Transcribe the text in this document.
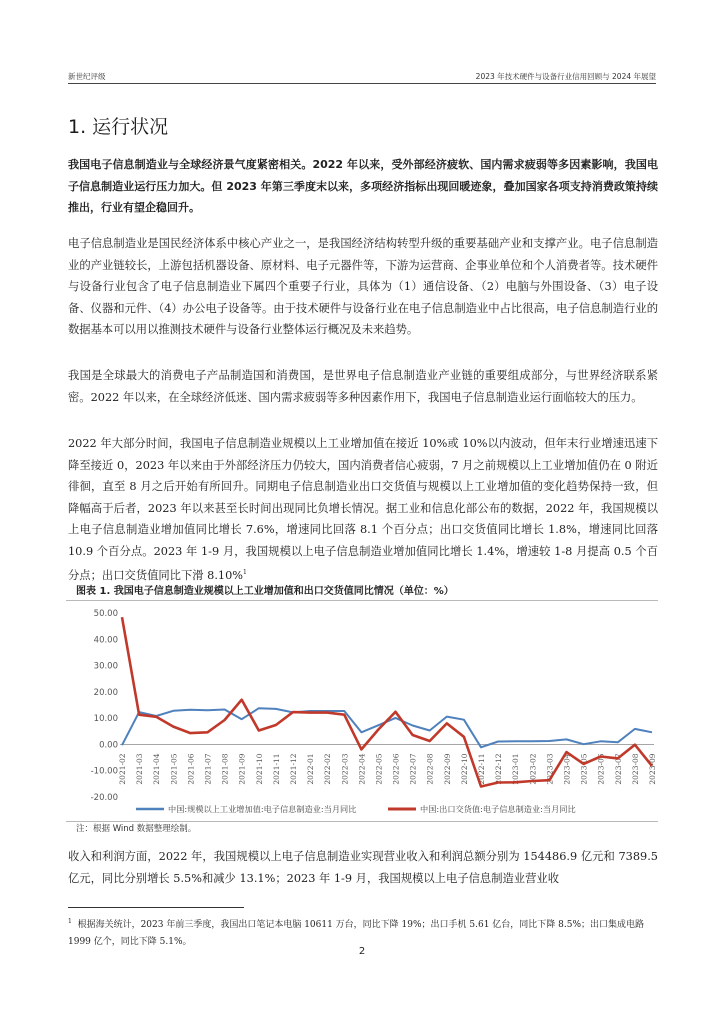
新世纪评级	2023 年技术硬件与设备行业信用回顾与 2024 年展望
1. 运行状况

我国电子信息制造业与全球经济景气度紧密相关。2022 年以来，受外部经济疲软、国内需求疲弱等多因素影响，我国电子信息制造业运行压力加大。但 2023 年第三季度末以来，多项经济指标出现回暖迹象，叠加国家各项支持消费政策持续推出，行业有望企稳回升。

电子信息制造业是国民经济体系中核心产业之一，是我国经济结构转型升级的重要基础产业和支撑产业。电子信息制造业的产业链较长，上游包括机器设备、原材料、电子元器件等，下游为运营商、企事业单位和个人消费者等。技术硬件与设备行业包含了电子信息制造业下属四个重要子行业，具体为（1）通信设备、（2）电脑与外围设备、（3）电子设备、仪器和元件、（4）办公电子设备等。由于技术硬件与设备行业在电子信息制造业中占比很高，电子信息制造行业的数据基本可以用以推测技术硬件与设备行业整体运行概况及未来趋势。

我国是全球最大的消费电子产品制造国和消费国，是世界电子信息制造业产业链的重要组成部分，与世界经济联系紧密。2022 年以来，在全球经济低迷、国内需求疲弱等多种因素作用下，我国电子信息制造业运行面临较大的压力。

2022 年大部分时间，我国电子信息制造业规模以上工业增加值在接近 10%或 10%以内波动，但年末行业增速迅速下降至接近 0，2023 年以来由于外部经济压力仍较大，国内消费者信心疲弱，7 月之前规模以上工业增加值仍在 0 附近徘徊，直至 8 月之后开始有所回升。同期电子信息制造业出口交货值与规模以上工业增加值的变化趋势保持一致，但降幅高于后者，2023 年以来甚至长时间出现同比负增长情况。据工业和信息化部公布的数据，2022 年，我国规模以上电子信息制造业增加值同比增长 7.6%，增速同比回落 8.1 个百分点；出口交货值同比增长 1.8%，增速同比回落 10.9 个百分点。2023 年 1-9 月，我国规模以上电子信息制造业增加值同比增长 1.4%，增速较 1-8 月提高 0.5 个百分点；出口交货值同比下滑 8.10%$^1$

图表 1. 我国电子信息制造业规模以上工业增加值和出口交货值同比情况（单位：%）
50.00
40.00
30.00
20.00
10.00
0.00
-10.00
-20.00
2021-02 2021-03 2021-04 2021-05 2021-06 2021-07 2021-08 2021-09 2021-10 2021-11 2021-12 2022-01 2022-02 2022-03 2022-04 2022-05 2022-06 2022-07 2022-08 2022-09 2022-10 2022-11 2022-12 2023-01 2023-02 2023-03 2023-04 2023-05 2023-06 2023-07 2023-08 2023-09
中国:规模以上工业增加值:电子信息制造业:当月同比	中国:出口交货值:电子信息制造业:当月同比
注：根据 Wind 数据整理绘制。

收入和利润方面，2022 年，我国规模以上电子信息制造业实现营业收入和利润总额分别为 154486.9 亿元和 7389.5 亿元，同比分别增长 5.5%和减少 13.1%；2023 年 1-9 月，我国规模以上电子信息制造业营业收

$^1$ 根据海关统计，2023 年前三季度，我国出口笔记本电脑 10611 万台，同比下降 19%；出口手机 5.61 亿台，同比下降 8.5%；出口集成电路 1999 亿个，同比下降 5.1%。

2
